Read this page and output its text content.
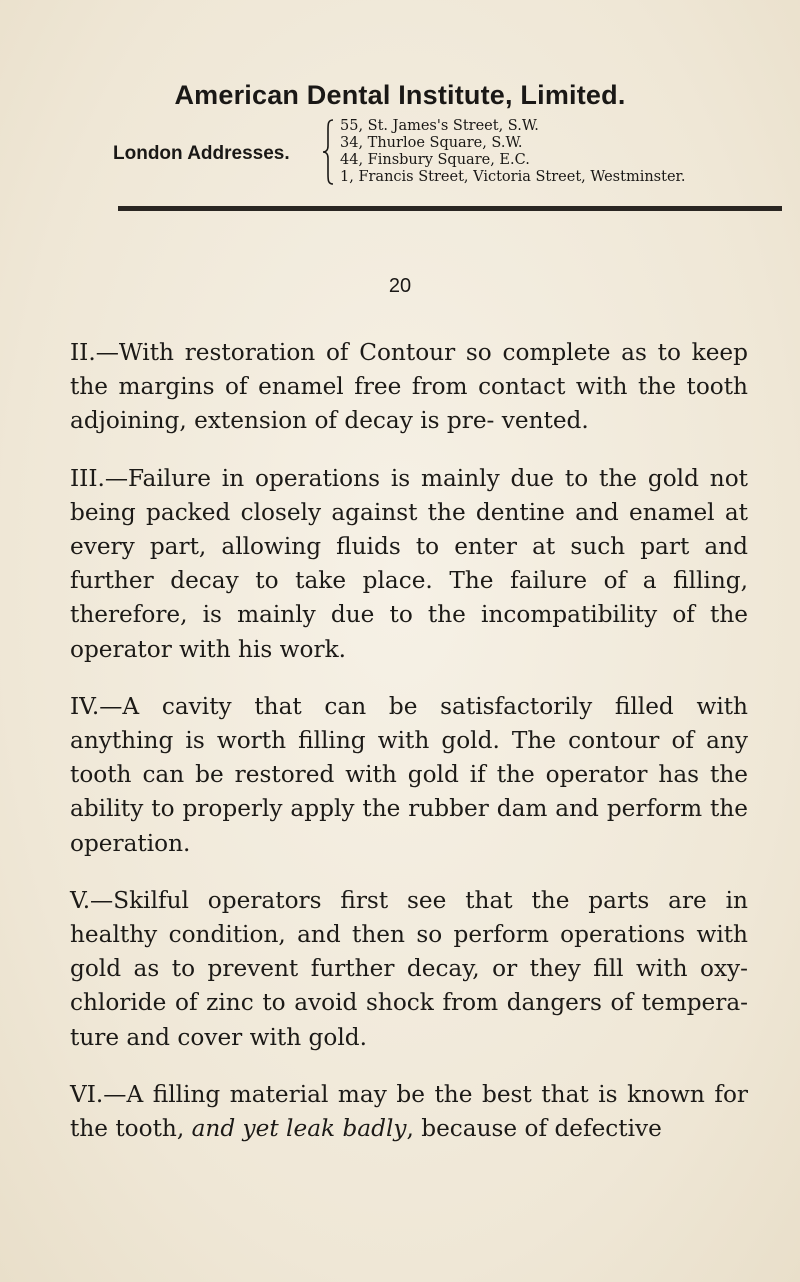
American Dental Institute, Limited.
London Addresses.
55, St. James's Street, S.W.
34, Thurloe Square, S.W.
44, Finsbury Square, E.C.
1, Francis Street, Victoria Street, Westminster.
20

II.—With restoration of Contour so complete as to keep the margins of enamel free from contact with the tooth adjoining, extension of decay is pre- vented.

III.—Failure in operations is mainly due to the gold not being packed closely against the dentine and enamel at every part, allowing fluids to enter at such part and further decay to take place. The failure of a filling, therefore, is mainly due to the incompatibility of the operator with his work.

IV.—A cavity that can be satisfactorily filled with anything is worth filling with gold. The contour of any tooth can be restored with gold if the operator has the ability to properly apply the rubber dam and perform the operation.

V.—Skilful operators first see that the parts are in healthy condition, and then so perform operations with gold as to prevent further decay, or they fill with oxy- chloride of zinc to avoid shock from dangers of tempera- ture and cover with gold.

VI.—A filling material may be the best that is known for the tooth, and yet leak badly, because of defective
